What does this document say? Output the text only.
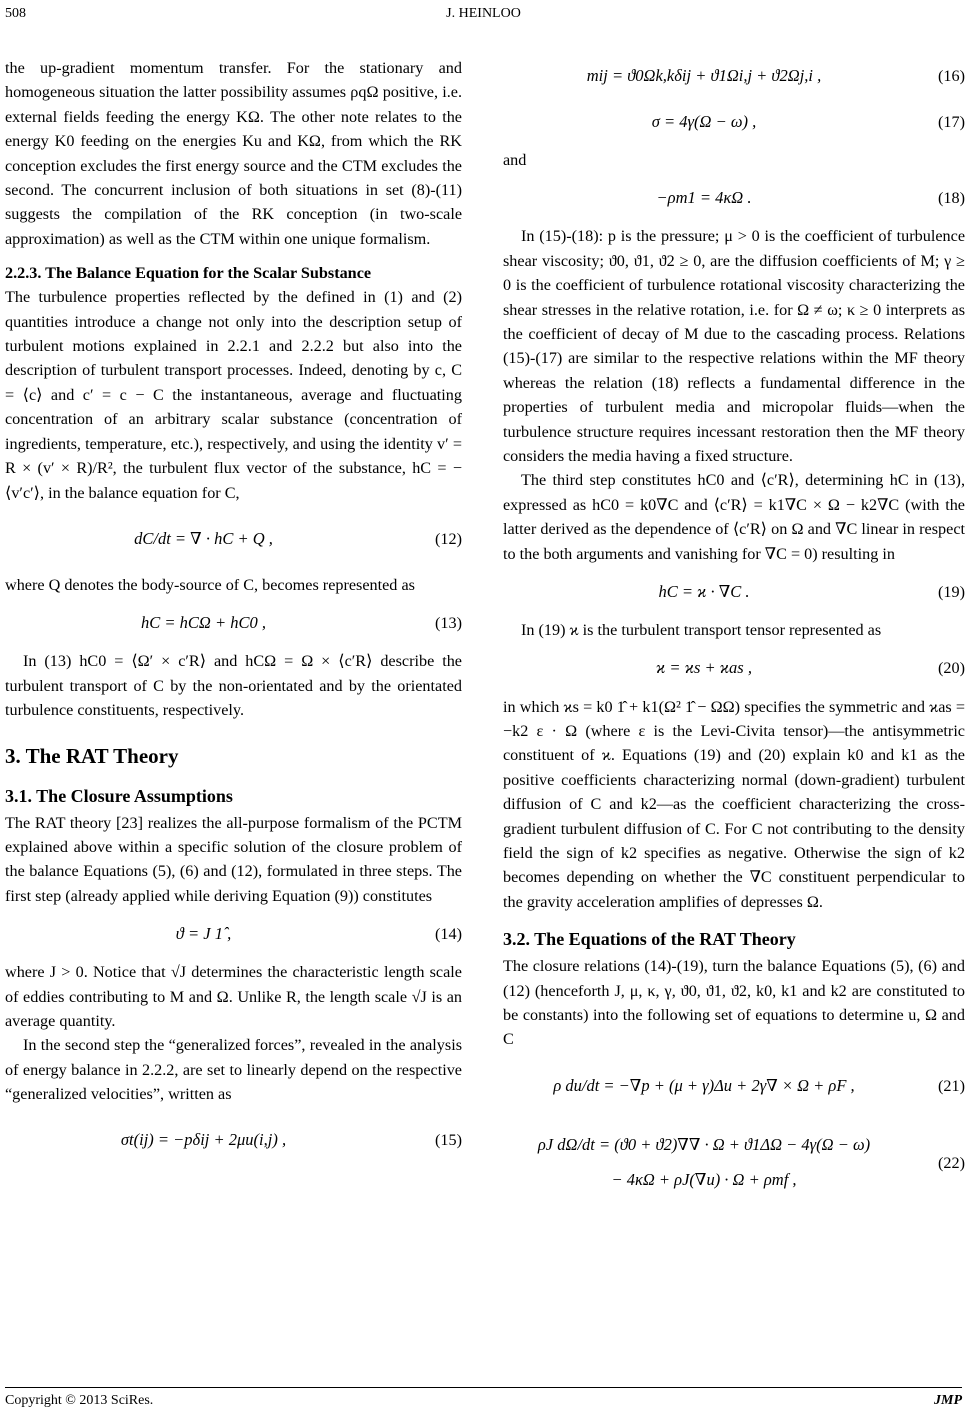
508	J. HEINLOO

the up-gradient momentum transfer. For the stationary and homogeneous situation the latter possibility assumes ρqΩ positive, i.e. external fields feeding the energy KΩ. The other note relates to the energy K0 feeding on the energies Ku and KΩ, from which the RK conception excludes the first energy source and the CTM excludes the second. The concurrent inclusion of both situations in set (8)-(11) suggests the compilation of the RK conception (in two-scale approximation) as well as the CTM within one unique formalism.

2.2.3. The Balance Equation for the Scalar Substance

The turbulence properties reflected by the defined in (1) and (2) quantities introduce a change not only into the description setup of turbulent motions explained in 2.2.1 and 2.2.2 but also into the description of turbulent transport processes. Indeed, denoting by c, C = ⟨c⟩ and c′ = c − C the instantaneous, average and fluctuating concentration of an arbitrary scalar substance (concentration of ingredients, temperature, etc.), respectively, and using the identity v′ = R × (v′ × R)/R², the turbulent flux vector of the substance, hC = −⟨v′c′⟩, in the balance equation for C,

dC/dt = ∇ · hC + Q ,	(12)

where Q denotes the body-source of C, becomes represented as

hC = hCΩ + hC0 ,	(13)

In (13) hC0 = ⟨Ω′ × c′R⟩ and hCΩ = Ω × ⟨c′R⟩ describe the turbulent transport of C by the non-orientated and by the orientated turbulence constituents, respectively.

3. The RAT Theory
3.1. The Closure Assumptions

The RAT theory [23] realizes the all-purpose formalism of the PCTM explained above within a specific solution of the closure problem of the balance Equations (5), (6) and (12), formulated in three steps. The first step (already applied while deriving Equation (9)) constitutes

ϑ = J 1̂ ,	(14)

where J > 0. Notice that √J determines the characteristic length scale of eddies contributing to M and Ω. Unlike R, the length scale √J is an average quantity.

In the second step the “generalized forces”, revealed in the analysis of energy balance in 2.2.2, are set to linearly depend on the respective “generalized velocities”, written as

σt(ij) = −pδij + 2μu(i,j) ,	(15)
mij = ϑ0Ωk,kδij + ϑ1Ωi,j + ϑ2Ωj,i ,	(16)
σ = 4γ(Ω − ω) ,	(17)

and

−ρm1 = 4κΩ .	(18)

In (15)-(18): p is the pressure; μ > 0 is the coefficient of turbulence shear viscosity; ϑ0, ϑ1, ϑ2 ≥ 0, are the diffusion coefficients of M; γ ≥ 0 is the coefficient of turbulence rotational viscosity characterizing the shear stresses in the relative rotation, i.e. for Ω ≠ ω; κ ≥ 0 interprets as the coefficient of decay of M due to the cascading process. Relations (15)-(17) are similar to the respective relations within the MF theory whereas the relation (18) reflects a fundamental difference in the properties of turbulent media and micropolar fluids—when the turbulence structure requires incessant restoration then the MF theory considers the media having a fixed structure.

The third step constitutes hC0 and ⟨c′R⟩, determining hC in (13), expressed as hC0 = k0∇C and ⟨c′R⟩ = k1∇C × Ω − k2∇C (with the latter derived as the dependence of ⟨c′R⟩ on Ω and ∇C linear in respect to the both arguments and vanishing for ∇C = 0) resulting in

hC = ϰ · ∇C .	(19)

In (19) ϰ is the turbulent transport tensor represented as

ϰ = ϰs + ϰas ,	(20)

in which ϰs = k0 1̂ + k1(Ω² 1̂ − ΩΩ) specifies the symmetric and ϰas = −k2 ε · Ω (where ε is the Levi-Civita tensor)—the antisymmetric constituent of ϰ. Equations (19) and (20) explain k0 and k1 as the positive coefficients characterizing normal (down-gradient) turbulent diffusion of C and k2—as the coefficient characterizing the cross-gradient turbulent diffusion of C. For C not contributing to the density field the sign of k2 specifies as negative. Otherwise the sign of k2 becomes depending on whether the ∇C constituent perpendicular to the gravity acceleration amplifies of depresses Ω.

3.2. The Equations of the RAT Theory

The closure relations (14)-(19), turn the balance Equations (5), (6) and (12) (henceforth J, μ, κ, γ, ϑ0, ϑ1, ϑ2, k0, k1 and k2 are constituted to be constants) into the following set of equations to determine u, Ω and C

ρ du/dt = −∇p + (μ + γ)Δu + 2γ∇ × Ω + ρF ,	(21)
ρJ dΩ/dt = (ϑ0 + ϑ2)∇∇ · Ω + ϑ1ΔΩ − 4γ(Ω − ω)
− 4κΩ + ρJ(∇u) · Ω + ρmf ,
(22)
Copyright © 2013 SciRes.	JMP
